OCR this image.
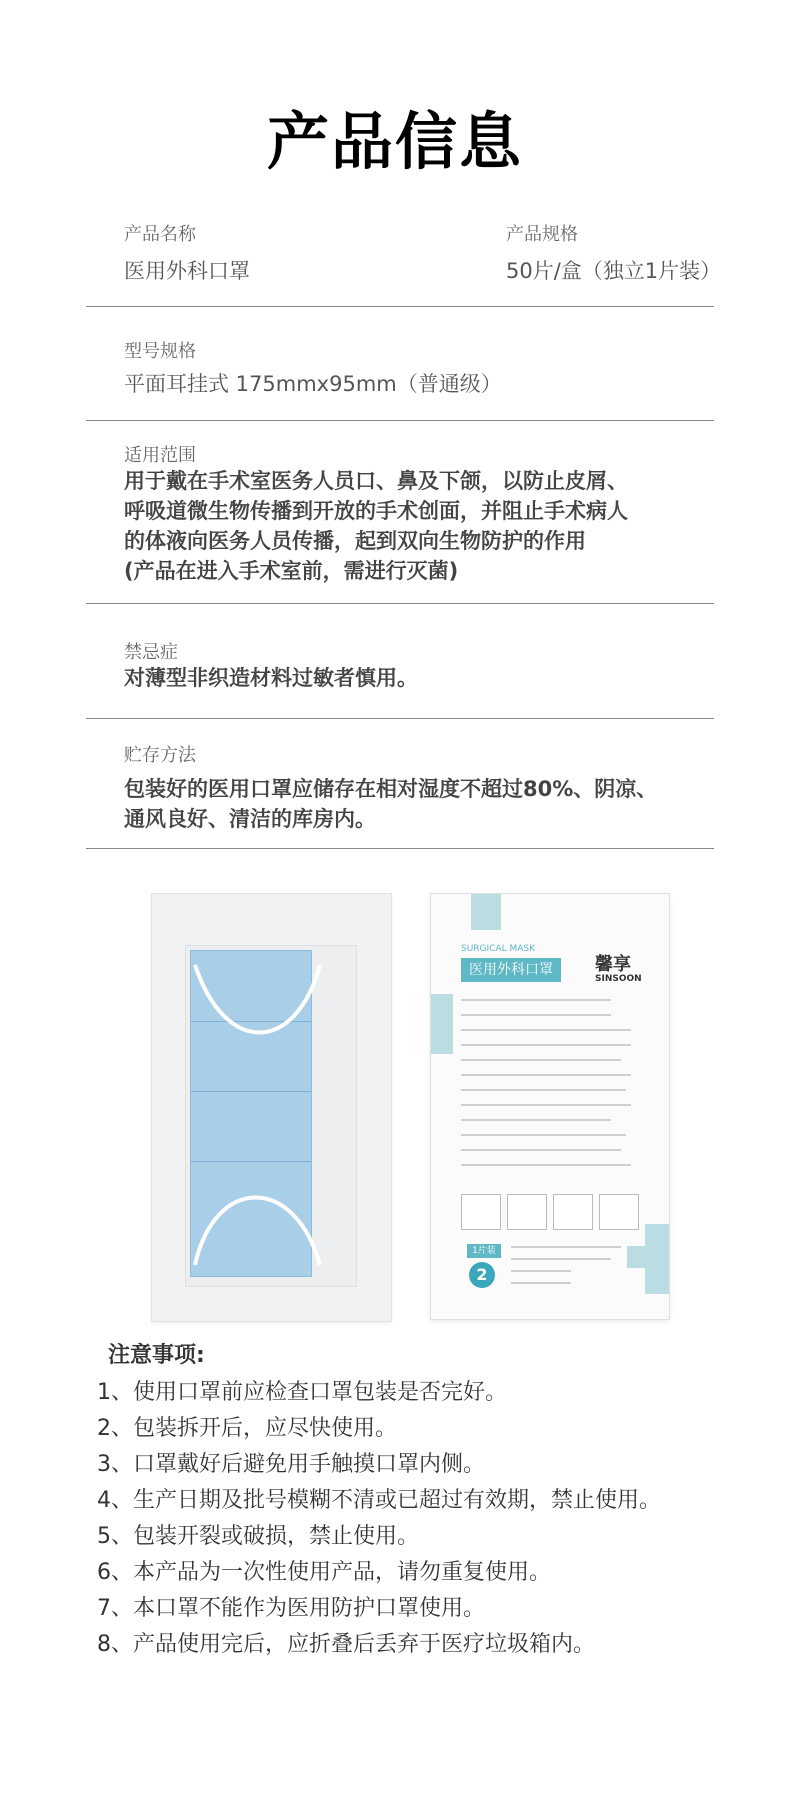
产品信息
产品名称
医用外科口罩
产品规格
50片/盒（独立1片装）
型号规格
平面耳挂式 175mmx95mm（普通级）
适用范围
用于戴在手术室医务人员口、鼻及下颌，以防止皮屑、
呼吸道微生物传播到开放的手术创面，并阻止手术病人
的体液向医务人员传播，起到双向生物防护的作用
(产品在进入手术室前，需进行灭菌)
禁忌症
对薄型非织造材料过敏者慎用。
贮存方法
包装好的医用口罩应储存在相对湿度不超过80%、阴凉、
通风良好、清洁的库房内。
SURGICAL MASK
医用外科口罩	馨享
SINSOON
1片装
2
注意事项:
1、使用口罩前应检查口罩包装是否完好。
2、包装拆开后，应尽快使用。
3、口罩戴好后避免用手触摸口罩内侧。
4、生产日期及批号模糊不清或已超过有效期，禁止使用。
5、包装开裂或破损，禁止使用。
6、本产品为一次性使用产品，请勿重复使用。
7、本口罩不能作为医用防护口罩使用。
8、产品使用完后，应折叠后丢弃于医疗垃圾箱内。
